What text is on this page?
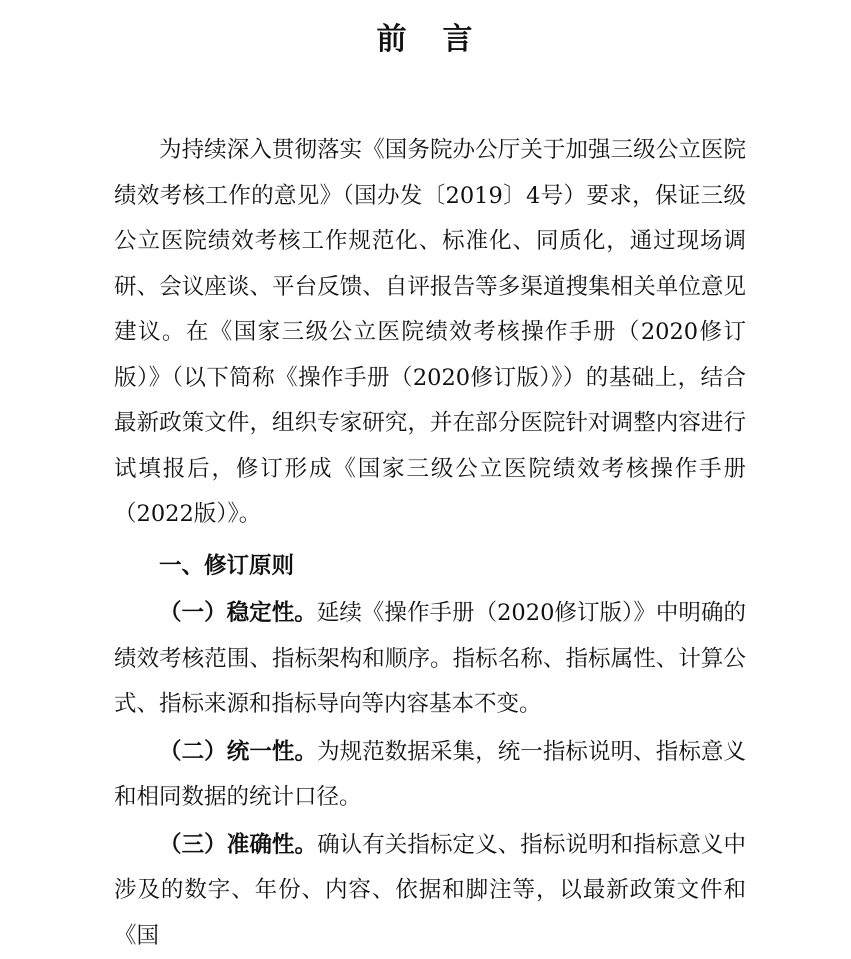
前 言

为持续深入贯彻落实《国务院办公厅关于加强三级公立医院绩效考核工作的意见》（国办发〔2019〕4号）要求，保证三级公立医院绩效考核工作规范化、标准化、同质化，通过现场调研、会议座谈、平台反馈、自评报告等多渠道搜集相关单位意见建议。在《国家三级公立医院绩效考核操作手册（2020修订版）》（以下简称《操作手册（2020修订版）》）的基础上，结合最新政策文件，组织专家研究，并在部分医院针对调整内容进行试填报后，修订形成《国家三级公立医院绩效考核操作手册（2022版）》。

一、修订原则

（一）稳定性。延续《操作手册（2020修订版）》中明确的绩效考核范围、指标架构和顺序。指标名称、指标属性、计算公式、指标来源和指标导向等内容基本不变。

（二）统一性。为规范数据采集，统一指标说明、指标意义和相同数据的统计口径。

（三）准确性。确认有关指标定义、指标说明和指标意义中涉及的数字、年份、内容、依据和脚注等，以最新政策文件和《国
